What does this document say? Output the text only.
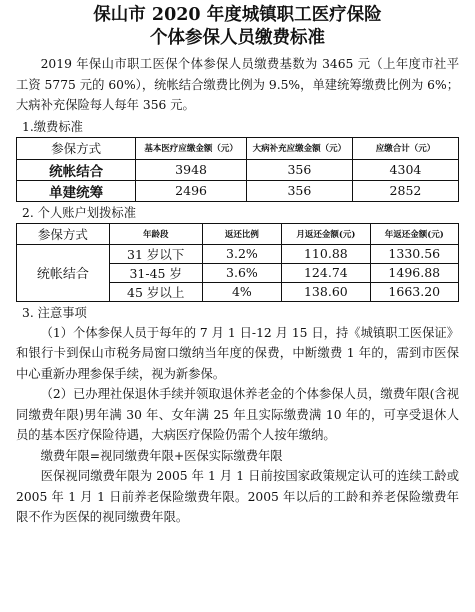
保山市 2020 年度城镇职工医疗保险
个体参保人员缴费标准

2019 年保山市职工医保个体参保人员缴费基数为 3465 元（上年度市社平工资 5775 元的 60%），统帐结合缴费比例为 9.5%，单建统筹缴费比例为 6%；大病补充保险每人每年 356 元。

1.缴费标准
参保方式	基本医疗应缴金额（元）	大病补充应缴金额（元）	应缴合计（元）
统帐结合	3948	356	4304
单建统筹	2496	356	2852
2. 个人账户划拨标准
参保方式	年龄段	返还比例	月返还金额(元)	年返还金额(元)
统帐结合	31 岁以下	3.2%	110.88	1330.56
	31-45 岁	3.6%	124.74	1496.88
	45 岁以上	4%	138.60	1663.20
3. 注意事项

（1）个体参保人员于每年的 7 月 1 日-12 月 15 日，持《城镇职工医保证》和银行卡到保山市税务局窗口缴纳当年度的保费，中断缴费 1 年的，需到市医保中心重新办理参保手续，视为新参保。

（2）已办理社保退休手续并领取退休养老金的个体参保人员，缴费年限(含视同缴费年限)男年满 30 年、女年满 25 年且实际缴费满 10 年的，可享受退休人员的基本医疗保险待遇，大病医疗保险仍需个人按年缴纳。

缴费年限=视同缴费年限+医保实际缴费年限

医保视同缴费年限为 2005 年 1 月 1 日前按国家政策规定认可的连续工龄或 2005 年 1 月 1 日前养老保险缴费年限。2005 年以后的工龄和养老保险缴费年限不作为医保的视同缴费年限。
